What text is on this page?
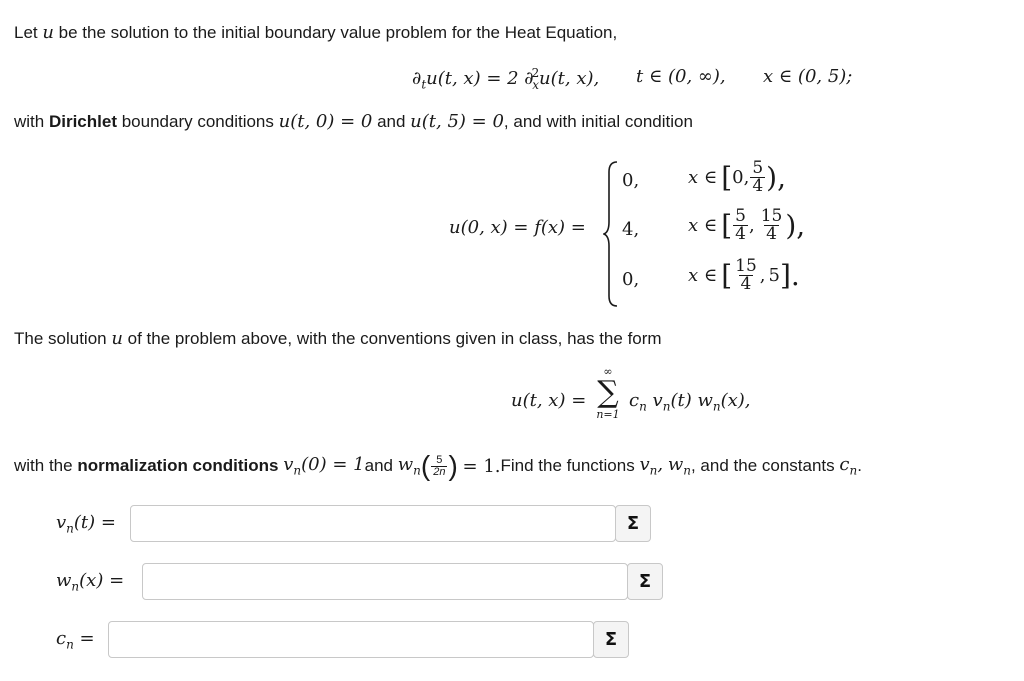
Let u be the solution to the initial boundary value problem for the Heat Equation,
$\partial_tu(t$, x) = 2 ∂$^2_x$u(t, x), t ∈ (0, ∞), x ∈ (0, 5);
with Dirichlet boundary conditions u(t, 0) = 0 and u(t, 5) = 0, and with initial condition
u(0, x) = f(x) =
0,	x ∈ [ 0, $\frac{5}{4}$ ),
4,	x ∈ [ $\frac{5}{4}$ , $\frac{15}{4}$ ),
0,	x ∈ [ $\frac{15}{4}$ , 5 ].
The solution u of the problem above, with the conventions given in class, has the form
u(t, x) =
∞
∑
n=1
$c_n$ $v_n(t)$ $w_n(x)$,
with the
normalization conditions
$v_n(0) = 1$ and
$w_n$ ( $\frac{5}{2n}$ )
= 1. Find the functions
$v_n$,
$w_n$ , and the constants
$c_n$ .
$v_n(t)$ =	Σ
$w_n(x)$ =	Σ
$c_n$ =	Σ
